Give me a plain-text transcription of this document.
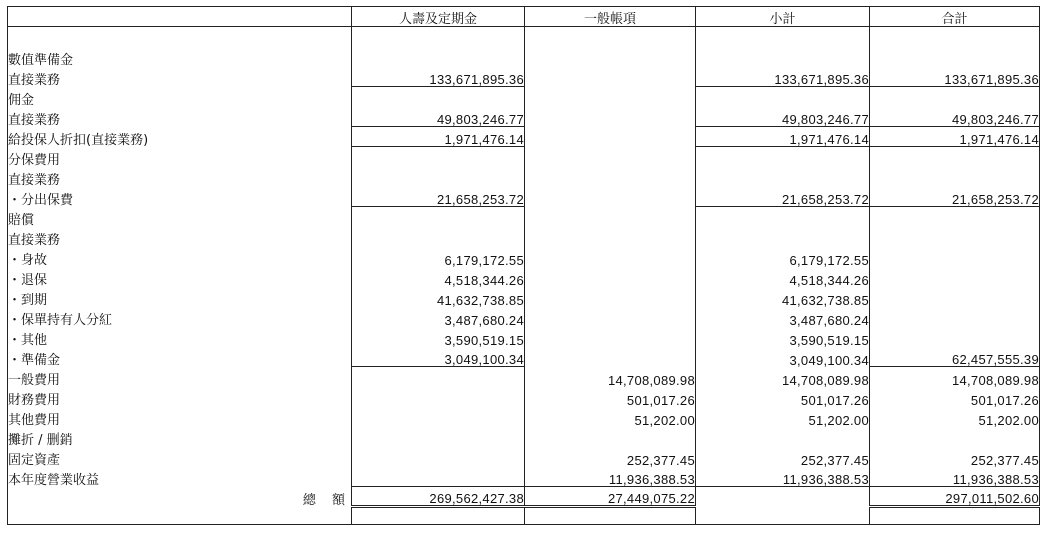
	人壽及定期金	一般帳項	小計	合計

數值準備金				
直接業務	133,671,895.36		133,671,895.36	133,671,895.36
佣金				
直接業務	49,803,246.77		49,803,246.77	49,803,246.77
給投保人折扣(直接業務)	1,971,476.14		1,971,476.14	1,971,476.14
分保費用				
直接業務				
・分出保費	21,658,253.72		21,658,253.72	21,658,253.72
賠償				
直接業務				
・身故	6,179,172.55		6,179,172.55	
・退保	4,518,344.26		4,518,344.26	
・到期	41,632,738.85		41,632,738.85	
・保單持有人分紅	3,487,680.24		3,487,680.24	
・其他	3,590,519.15		3,590,519.15	
・準備金	3,049,100.34		3,049,100.34	62,457,555.39
一般費用		14,708,089.98	14,708,089.98	14,708,089.98
財務費用		501,017.26	501,017.26	501,017.26
其他費用		51,202.00	51,202.00	51,202.00
攤折 / 删銷				
固定資產		252,377.45	252,377.45	252,377.45
本年度營業收益		11,936,388.53	11,936,388.53	11,936,388.53
總 額	269,562,427.38	27,449,075.22		297,011,502.60
